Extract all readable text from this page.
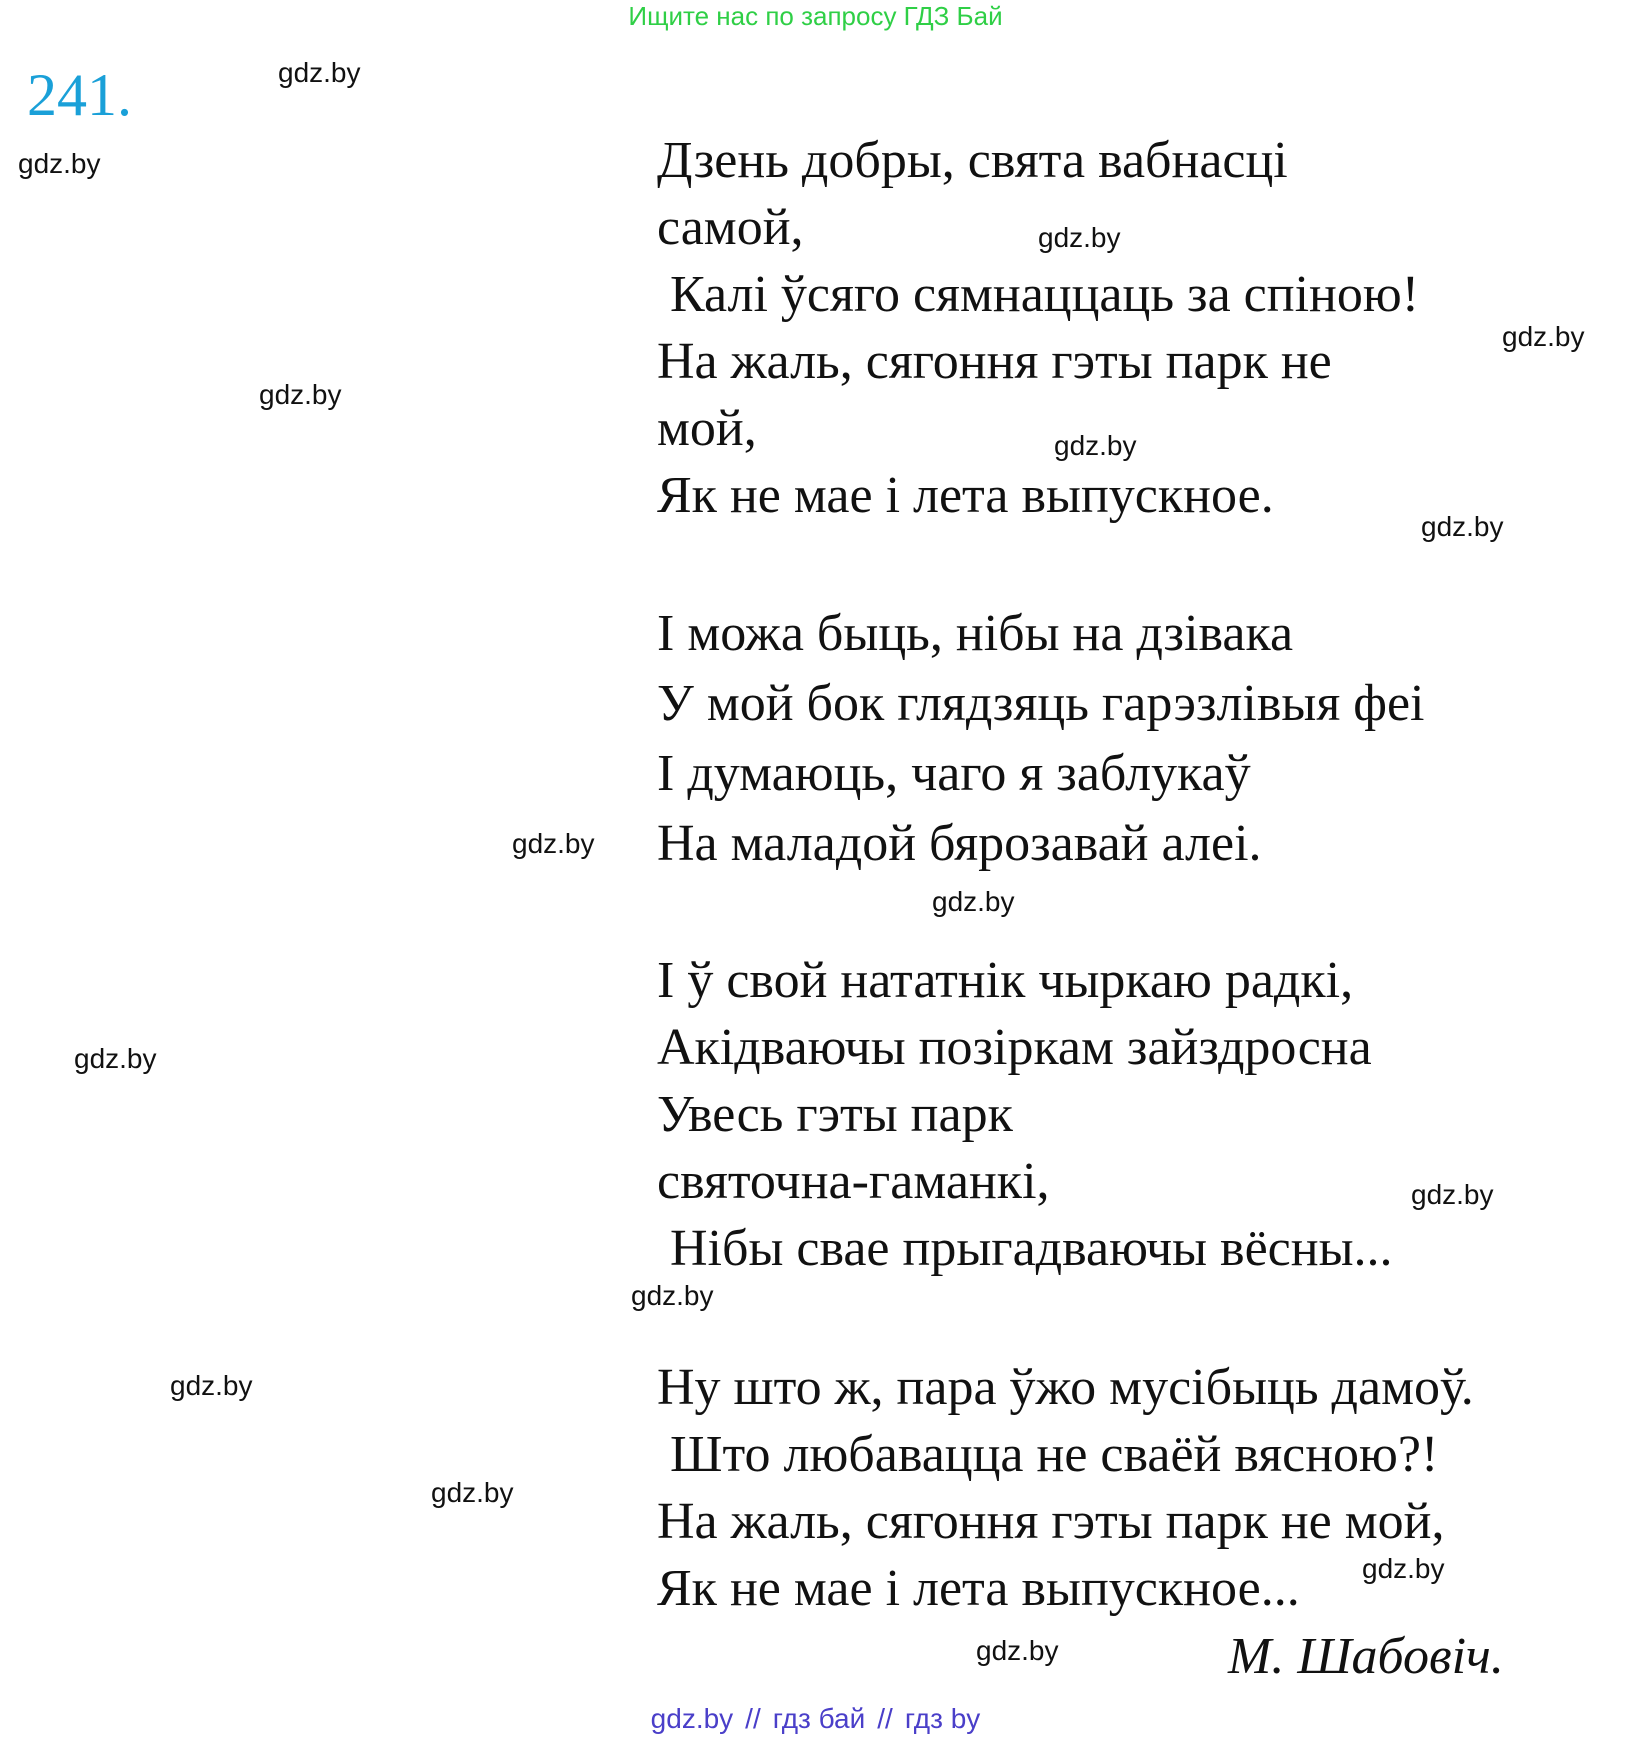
Ищите нас по запросу ГДЗ Бай
241.	gdz.by
gdz.by
gdz.by
gdz.by
gdz.by
gdz.by
gdz.by
gdz.by
gdz.by
gdz.by
gdz.by
gdz.by
gdz.by
gdz.by
gdz.by
gdz.by
Дзень добры, свята вабнасці
самой,
Калі ўсяго сямнаццаць за спіною!
На жаль, сягоння гэты парк не
мой,
Як не мае і лета выпускное.
І можа быць, нібы на дзівака
У мой бок глядзяць гарэзлівыя феі
І думаюць, чаго я заблукаў
На маладой бярозавай алеі.
І ў свой нататнік чыркаю радкі,
Акідваючы позіркам зайздросна
Увесь гэты парк
святочна-гаманкі,
Нібы свае прыгадваючы вёсны...
Ну што ж, пара ўжо мусібыць дамоў.
Што любавацца не сваёй вясною?!
На жаль, сягоння гэты парк не мой,
Як не мае і лета выпускное...
М. Шабовіч.
gdz.by // гдз бай // гдз by
